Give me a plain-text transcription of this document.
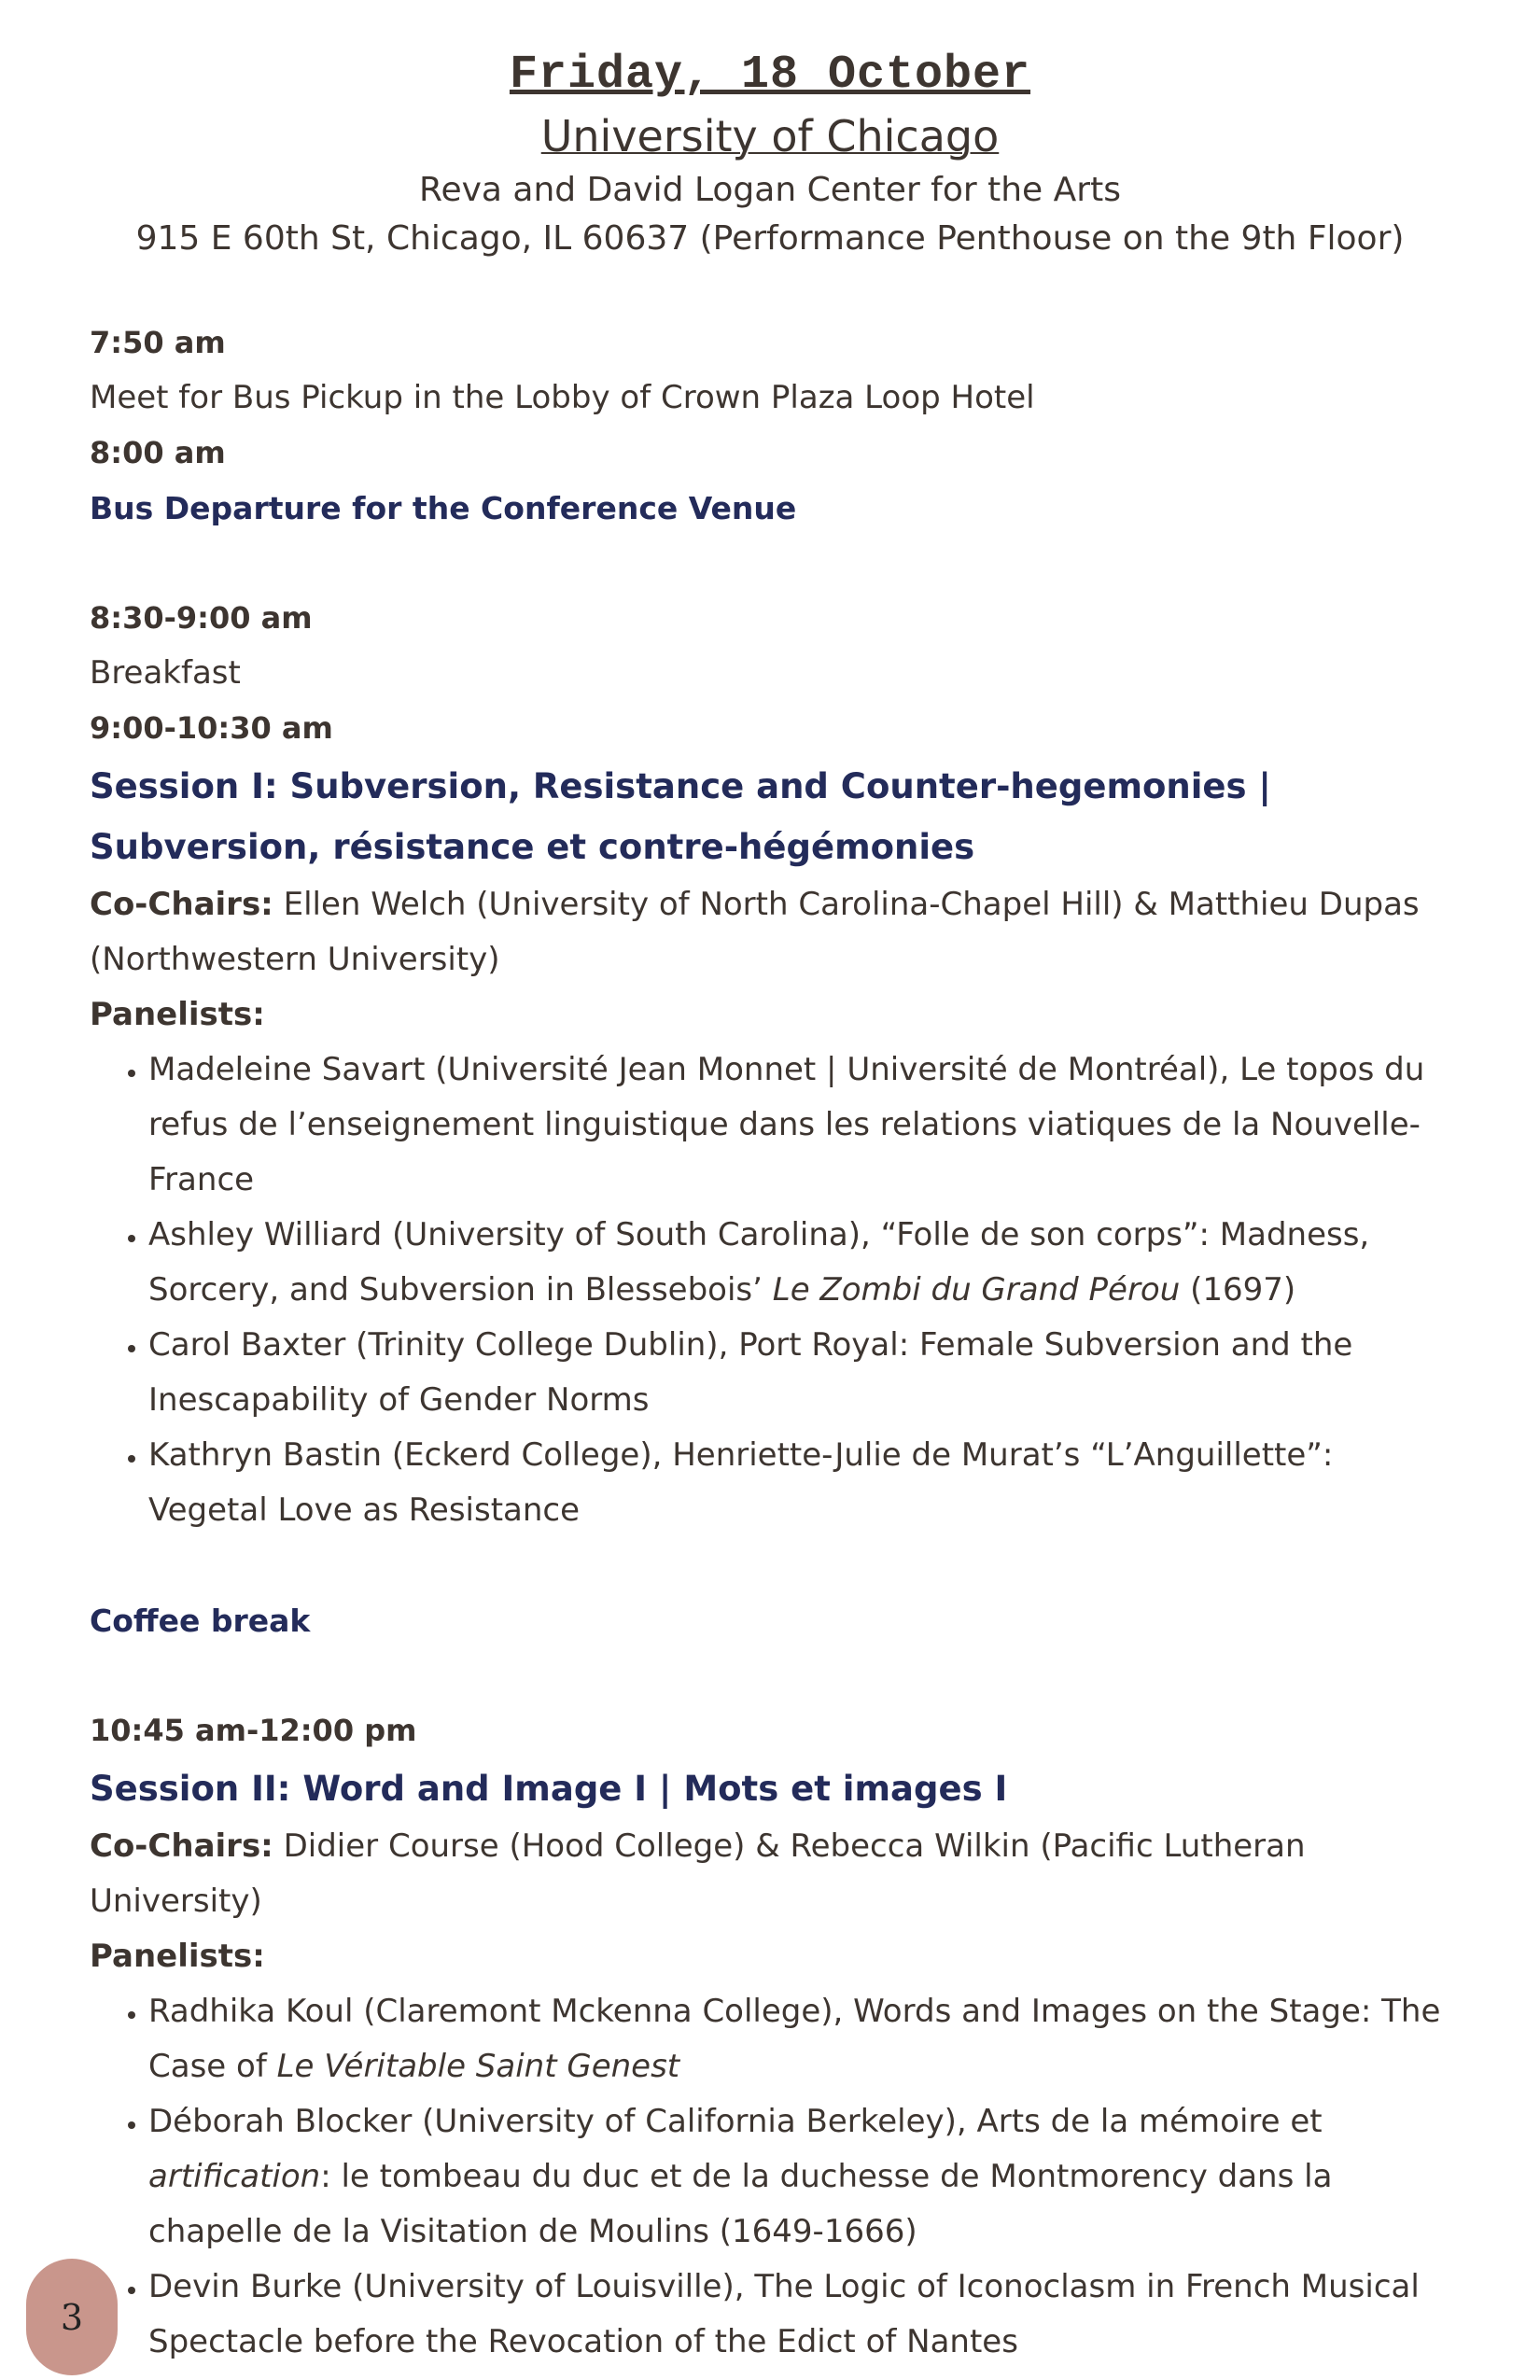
Friday, 18 October
University of Chicago
Reva and David Logan Center for the Arts
915 E 60th St, Chicago, IL 60637 (Performance Penthouse on the 9th Floor)
7:50 am
Meet for Bus Pickup in the Lobby of Crown Plaza Loop Hotel
8:00 am
Bus Departure for the Conference Venue
8:30-9:00 am
Breakfast
9:00-10:30 am
Session I: Subversion, Resistance and Counter-hegemonies | Subversion, résistance et contre-hégémonies
Co-Chairs: Ellen Welch (University of North Carolina-Chapel Hill) & Matthieu Dupas (Northwestern University)
Panelists:
• Madeleine Savart (Université Jean Monnet | Université de Montréal), Le topos du refus de l’enseignement linguistique dans les relations viatiques de la Nouvelle-France
• Ashley Williard (University of South Carolina), “Folle de son corps”: Madness, Sorcery, and Subversion in Blessebois’ Le Zombi du Grand Pérou (1697)
• Carol Baxter (Trinity College Dublin), Port Royal: Female Subversion and the Inescapability of Gender Norms
• Kathryn Bastin (Eckerd College), Henriette-Julie de Murat’s “L’Anguillette”: Vegetal Love as Resistance
Coffee break
10:45 am-12:00 pm
Session II: Word and Image I | Mots et images I
Co-Chairs: Didier Course (Hood College) & Rebecca Wilkin (Pacific Lutheran University)
Panelists:
• Radhika Koul (Claremont Mckenna College), Words and Images on the Stage: The Case of Le Véritable Saint Genest
• Déborah Blocker (University of California Berkeley), Arts de la mémoire et artification: le tombeau du duc et de la duchesse de Montmorency dans la chapelle de la Visitation de Moulins (1649-1666)
• Devin Burke (University of Louisville), The Logic of Iconoclasm in French Musical Spectacle before the Revocation of the Edict of Nantes
3
